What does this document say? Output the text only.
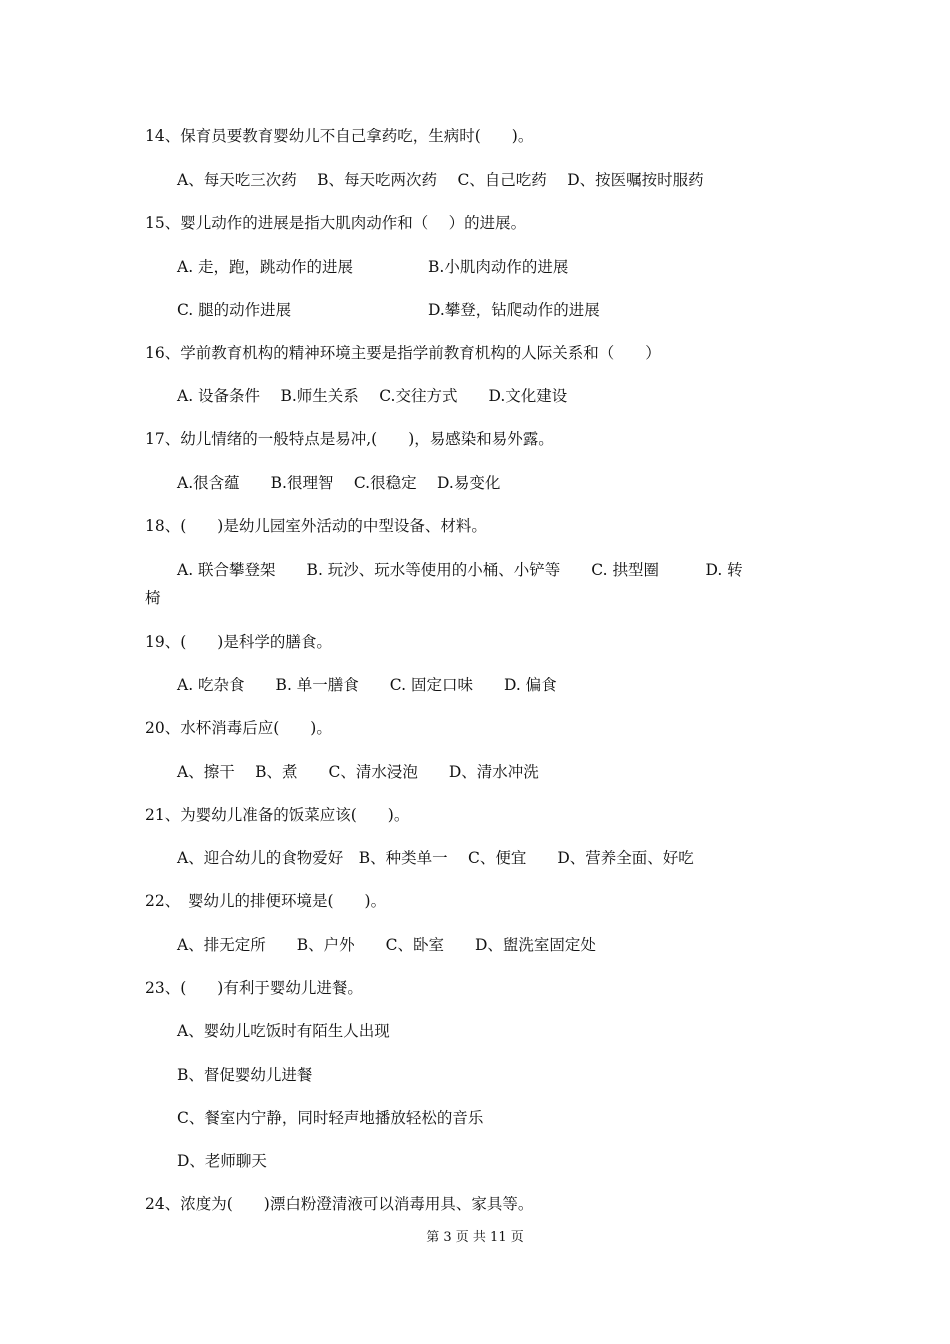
14、保育员要教育婴幼儿不自己拿药吃，生病时(　　)。
A、每天吃三次药　 B、每天吃两次药　 C、自己吃药　 D、按医嘱按时服药
15、婴儿动作的进展是指大肌肉动作和（　 ）的进展。
A. 走，跑，跳动作的进展	B.小肌肉动作的进展
C. 腿的动作进展	D.攀登，钻爬动作的进展
16、学前教育机构的精神环境主要是指学前教育机构的人际关系和（　　）
A. 设备条件　 B.师生关系　 C.交往方式　　D.文化建设
17、幼儿情绪的一般特点是易冲,(　　)，易感染和易外露。
A.很含蕴　　B.很理智　 C.很稳定　 D.易变化
18、(　　)是幼儿园室外活动的中型设备、材料。
A. 联合攀登架　　B. 玩沙、玩水等使用的小桶、小铲等　　C. 拱型圈　　　D. 转
椅
19、(　　)是科学的膳食。
A. 吃杂食　　B. 单一膳食　　C. 固定口味　　D. 偏食
20、水杯消毒后应(　　)。
A、擦干　 B、煮　　C、清水浸泡　　D、清水冲洗
21、为婴幼儿准备的饭菜应该(　　)。
A、迎合幼儿的食物爱好　B、种类单一　 C、便宜　　D、营养全面、好吃
22、　婴幼儿的排便环境是(　　)。
A、排无定所　　B、户外　　C、卧室　　D、盥洗室固定处
23、(　　)有利于婴幼儿进餐。
A、婴幼儿吃饭时有陌生人出现
B、督促婴幼儿进餐
C、餐室内宁静，同时轻声地播放轻松的音乐
D、老师聊天
24、浓度为(　　)漂白粉澄清液可以消毒用具、家具等。
第 3 页 共 11 页
